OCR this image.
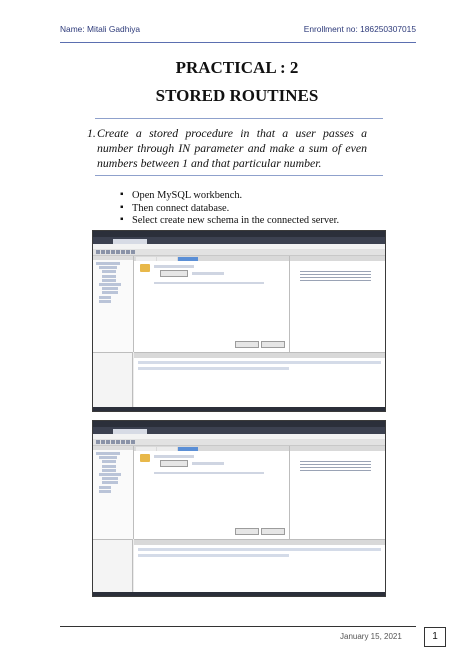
Name: Mitali Gadhiya	Enrollment no: 186250307015
PRACTICAL : 2
STORED ROUTINES
1. Create a stored procedure in that a user passes a number through IN parameter and make a sum of even numbers between 1 and that particular number.
▪ Open MySQL workbench.
▪ Then connect database.
▪ Select create new schema in the connected server.
January 15, 2021	1
